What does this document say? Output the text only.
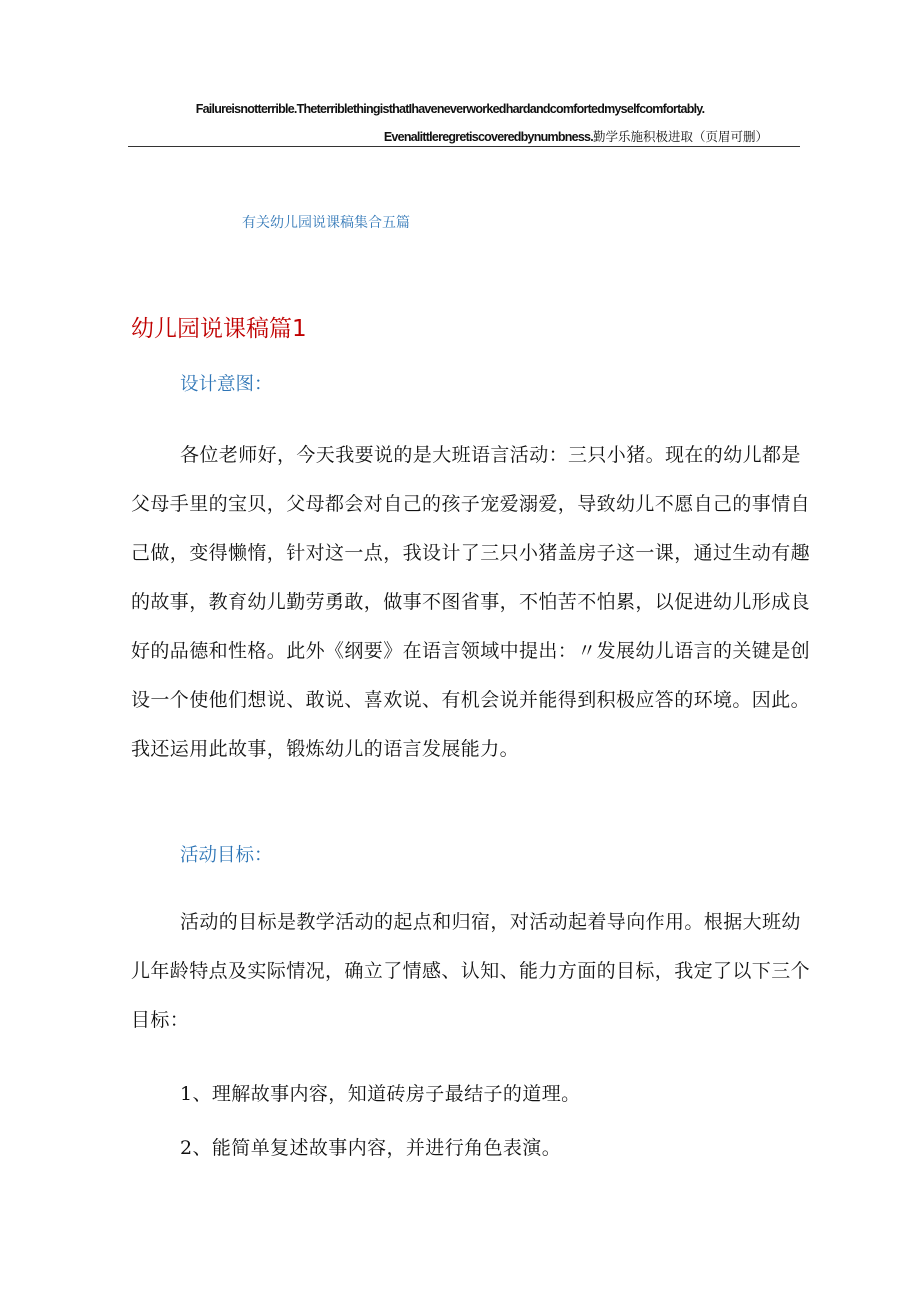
Failureisnotterrible.TheterriblethingisthatIhaveneverworkedhardandcomfortedmyselfcomfortably.
Evenalittleregretiscoveredbynumbness.勤学乐施积极进取（页眉可删）
有关幼儿园说课稿集合五篇
幼儿园说课稿篇1
设计意图：
各位老师好，今天我要说的是大班语言活动：三只小猪。现在的幼儿都是父母手里的宝贝，父母都会对自己的孩子宠爱溺爱，导致幼儿不愿自己的事情自己做，变得懒惰，针对这一点，我设计了三只小猪盖房子这一课，通过生动有趣的故事，教育幼儿勤劳勇敢，做事不图省事，不怕苦不怕累，以促进幼儿形成良好的品德和性格。此外《纲要》在语言领域中提出：〃发展幼儿语言的关键是创设一个使他们想说、敢说、喜欢说、有机会说并能得到积极应答的环境。因此。我还运用此故事，锻炼幼儿的语言发展能力。
活动目标：
活动的目标是教学活动的起点和归宿，对活动起着导向作用。根据大班幼儿年龄特点及实际情况，确立了情感、认知、能力方面的目标，我定了以下三个目标：
1、理解故事内容，知道砖房子最结子的道理。
2、能简单复述故事内容，并进行角色表演。
